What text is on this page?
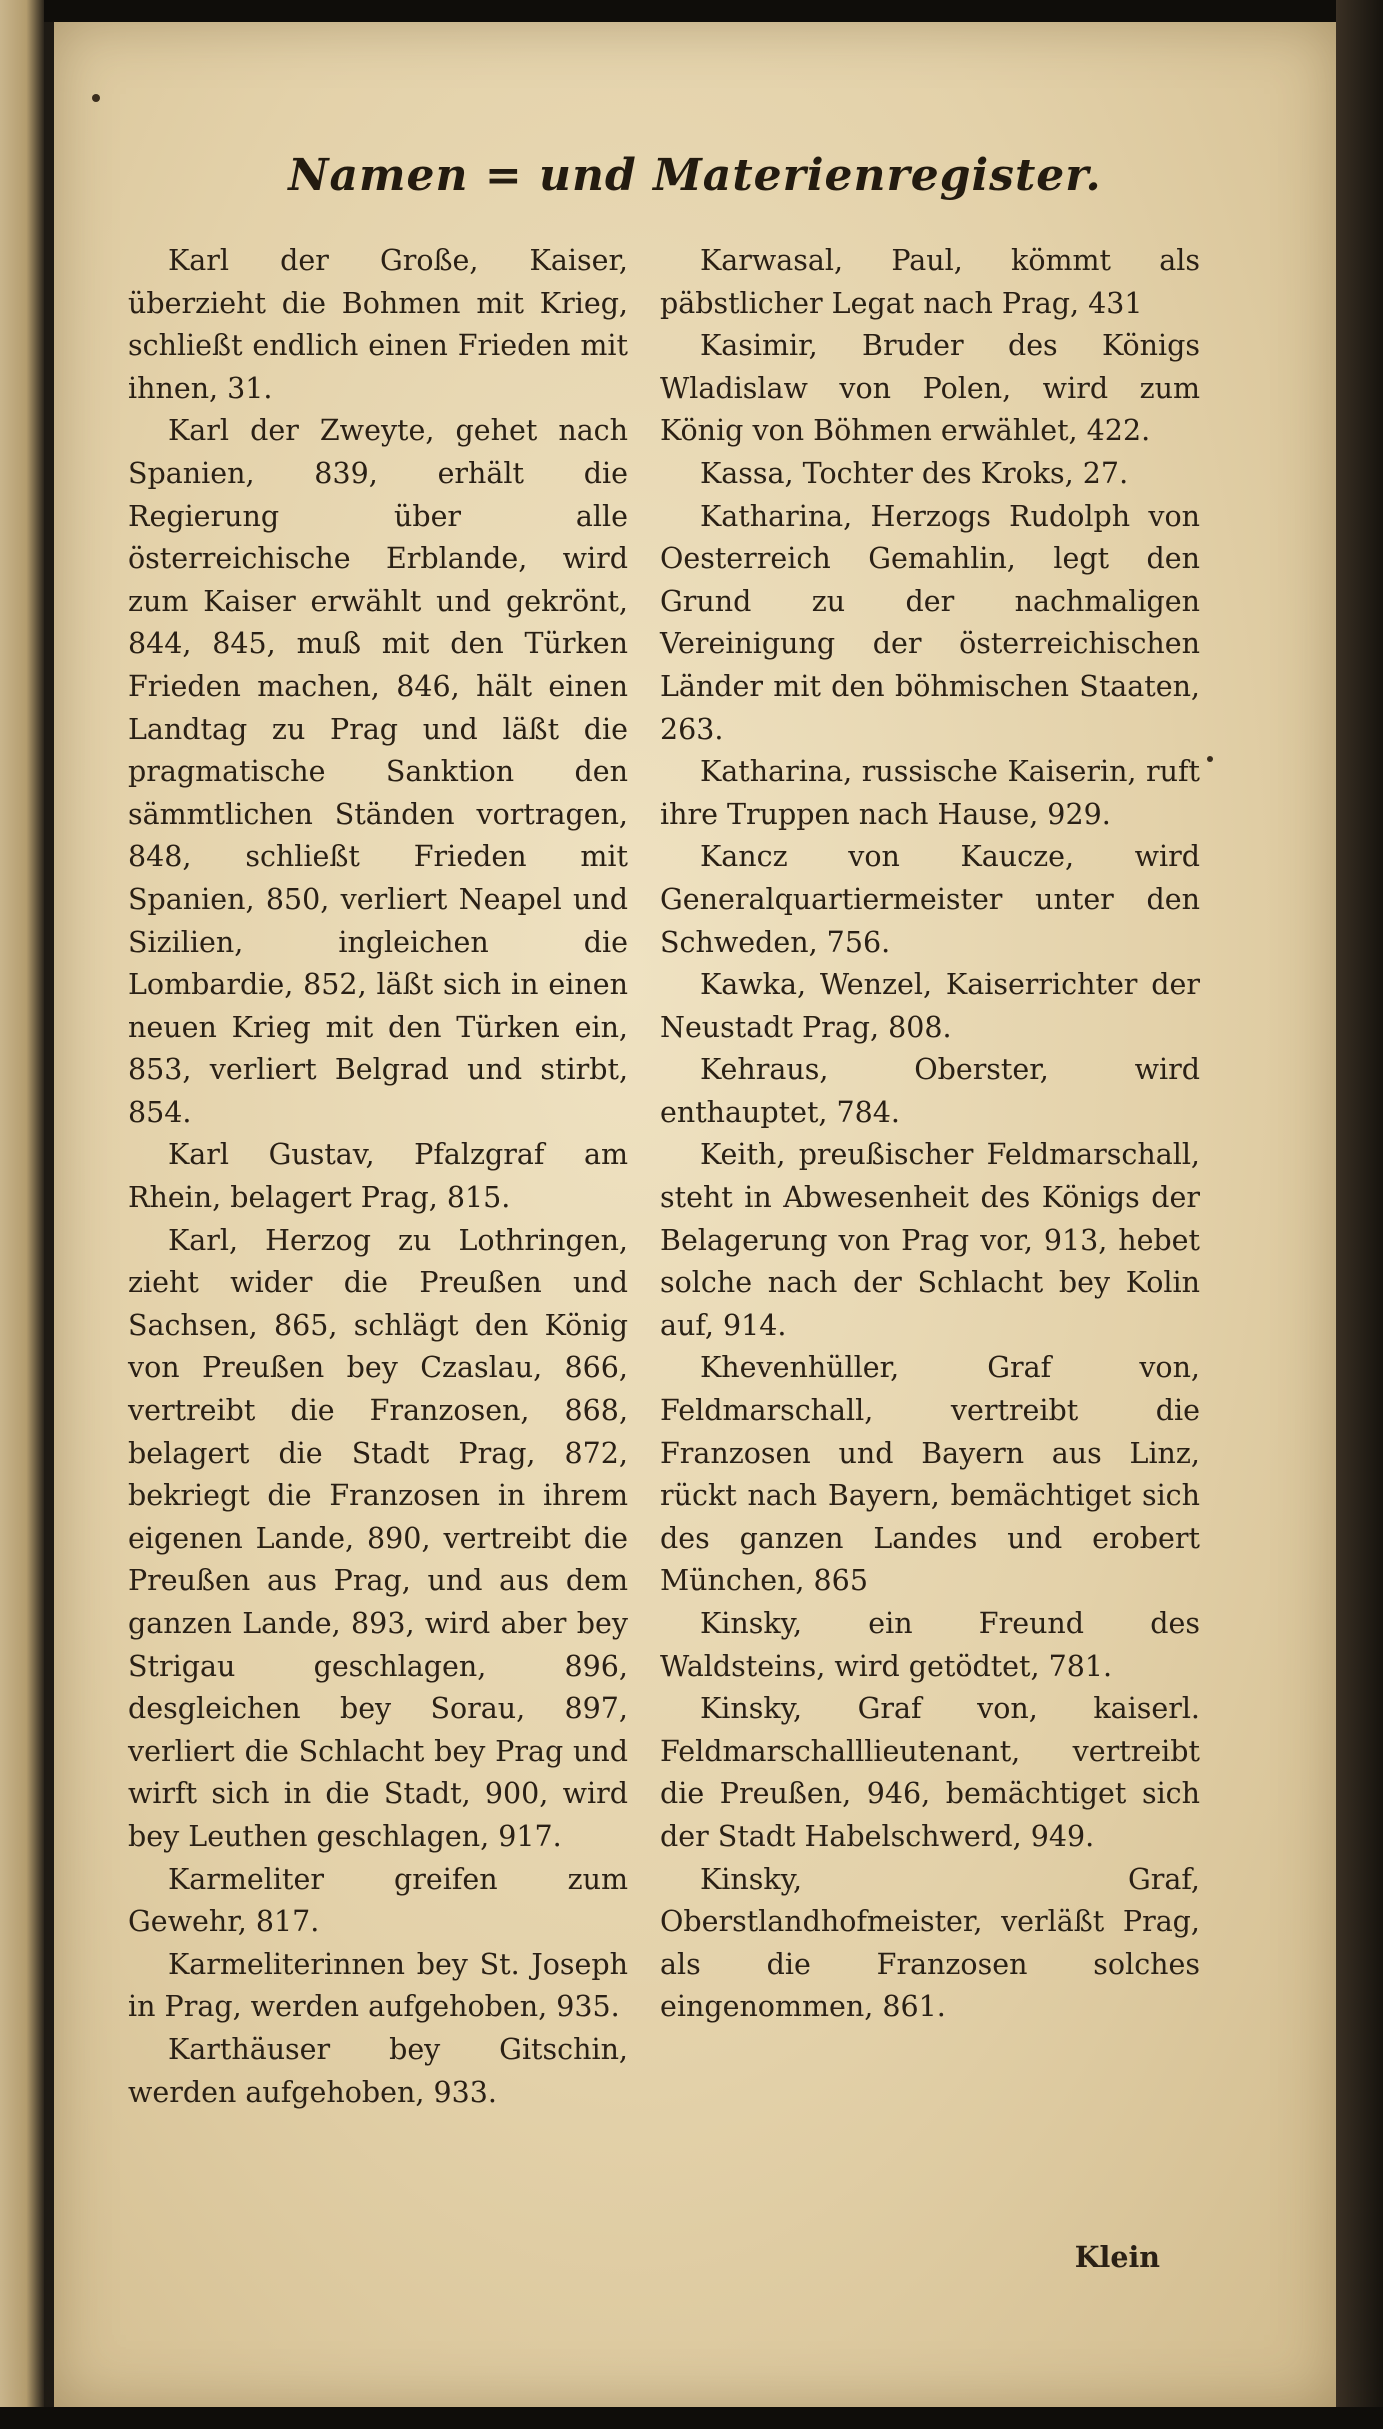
Namen = und Materienregister.

Karl der Große, Kaiser, überzieht die Bohmen mit Krieg, schließt endlich einen Frieden mit ihnen, 31.

Karl der Zweyte, gehet nach Spanien, 839, erhält die Regierung über alle österreichische Erblande, wird zum Kaiser erwählt und gekrönt, 844, 845, muß mit den Türken Frieden machen, 846, hält einen Landtag zu Prag und läßt die pragmatische Sanktion den sämmtlichen Ständen vortragen, 848, schließt Frieden mit Spanien, 850, verliert Neapel und Sizilien, ingleichen die Lombardie, 852, läßt sich in einen neuen Krieg mit den Türken ein, 853, verliert Belgrad und stirbt, 854.

Karl Gustav, Pfalzgraf am Rhein, belagert Prag, 815.

Karl, Herzog zu Lothringen, zieht wider die Preußen und Sachsen, 865, schlägt den König von Preußen bey Czaslau, 866, vertreibt die Franzosen, 868, belagert die Stadt Prag, 872, bekriegt die Franzosen in ihrem eigenen Lande, 890, vertreibt die Preußen aus Prag, und aus dem ganzen Lande, 893, wird aber bey Strigau geschlagen, 896, desgleichen bey Sorau, 897, verliert die Schlacht bey Prag und wirft sich in die Stadt, 900, wird bey Leuthen geschlagen, 917.

Karmeliter greifen zum Gewehr, 817.

Karmeliterinnen bey St. Joseph in Prag, werden aufgehoben, 935.

Karthäuser bey Gitschin, werden aufgehoben, 933.

Karwasal, Paul, kömmt als päbstlicher Legat nach Prag, 431

Kasimir, Bruder des Königs Wladislaw von Polen, wird zum König von Böhmen erwählet, 422.

Kassa, Tochter des Kroks, 27.

Katharina, Herzogs Rudolph von Oesterreich Gemahlin, legt den Grund zu der nachmaligen Vereinigung der österreichischen Länder mit den böhmischen Staaten, 263.

Katharina, russische Kaiserin, ruft ihre Truppen nach Hause, 929.

Kancz von Kaucze, wird Generalquartiermeister unter den Schweden, 756.

Kawka, Wenzel, Kaiserrichter der Neustadt Prag, 808.

Kehraus, Oberster, wird enthauptet, 784.

Keith, preußischer Feldmarschall, steht in Abwesenheit des Königs der Belagerung von Prag vor, 913, hebet solche nach der Schlacht bey Kolin auf, 914.

Khevenhüller, Graf von, Feldmarschall, vertreibt die Franzosen und Bayern aus Linz, rückt nach Bayern, bemächtiget sich des ganzen Landes und erobert München, 865

Kinsky, ein Freund des Waldsteins, wird getödtet, 781.

Kinsky, Graf von, kaiserl. Feldmarschalllieutenant, vertreibt die Preußen, 946, bemächtiget sich der Stadt Habelschwerd, 949.

Kinsky, Graf, Oberstlandhofmeister, verläßt Prag, als die Franzosen solches eingenommen, 861.

Klein
